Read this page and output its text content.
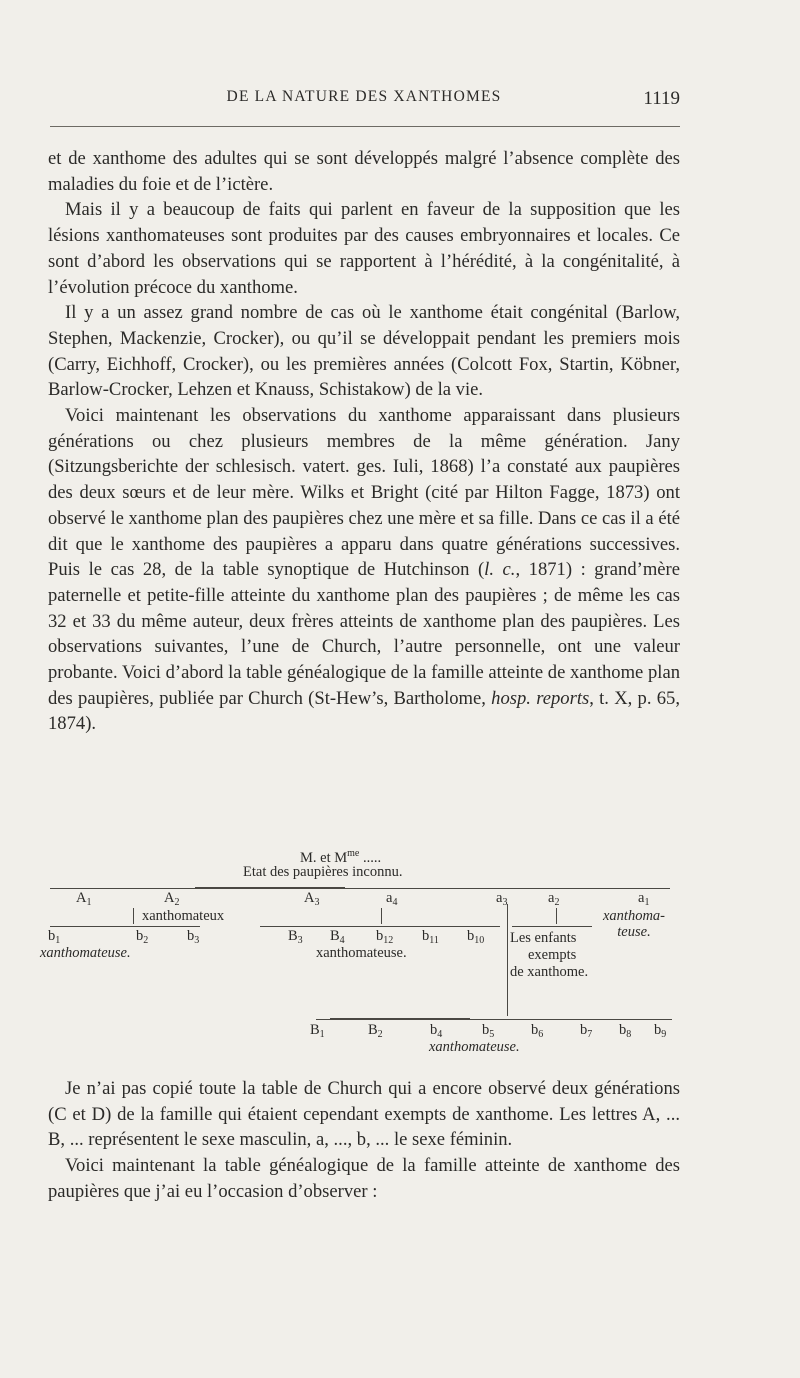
DE LA NATURE DES XANTHOMES	1119

et de xanthome des adultes qui se sont développés malgré l’absence complète des maladies du foie et de l’ictère.

Mais il y a beaucoup de faits qui parlent en faveur de la supposition que les lésions xanthomateuses sont produites par des causes embryonnaires et locales. Ce sont d’abord les observations qui se rapportent à l’hérédité, à la congénitalité, à l’évolution précoce du xanthome.

Il y a un assez grand nombre de cas où le xanthome était congénital (Barlow, Stephen, Mackenzie, Crocker), ou qu’il se développait pendant les premiers mois (Carry, Eichhoff, Crocker), ou les premières années (Colcott Fox, Startin, Köbner, Barlow-Crocker, Lehzen et Knauss, Schistakow) de la vie.

Voici maintenant les observations du xanthome apparaissant dans plusieurs générations ou chez plusieurs membres de la même génération. Jany (Sitzungsberichte der schlesisch. vatert. ges. Iuli, 1868) l’a constaté aux paupières des deux sœurs et de leur mère. Wilks et Bright (cité par Hilton Fagge, 1873) ont observé le xanthome plan des paupières chez une mère et sa fille. Dans ce cas il a été dit que le xanthome des paupières a apparu dans quatre générations successives. Puis le cas 28, de la table synoptique de Hutchinson (l. c., 1871) : grand’mère paternelle et petite-fille atteinte du xanthome plan des paupières ; de même les cas 32 et 33 du même auteur, deux frères atteints de xanthome plan des paupières. Les observations suivantes, l’une de Church, l’autre personnelle, ont une valeur probante. Voici d’abord la table généalogique de la famille atteinte de xanthome plan des paupières, publiée par Church (St-Hew’s, Bartholome, hosp. reports, t. X, p. 65, 1874).

M. et $M^{me}$ .....
Etat des paupières inconnu.
$A_1$	$A_2$	$A_3$	$a_4$	$a_3$	$a_2$	$a_1$
xanthomateux	xanthoma-teuse.
$b_1$	$b_2$	$b_3$
xanthomateuse.
$B_3$ $B_4$ $b_{12}$ $b_{11}$ $b_{10}$
xanthomateuse.
Les enfants
exempts
de xanthome.
$B_1$	$B_2$	$b_4$	$b_5$	$b_6$	$b_7$ $b_8$ $b_9$
xanthomateuse.

Je n’ai pas copié toute la table de Church qui a encore observé deux générations (C et D) de la famille qui étaient cependant exempts de xanthome. Les lettres A, ... B, ... représentent le sexe masculin, a, ..., b, ... le sexe féminin.

Voici maintenant la table généalogique de la famille atteinte de xanthome des paupières que j’ai eu l’occasion d’observer :
